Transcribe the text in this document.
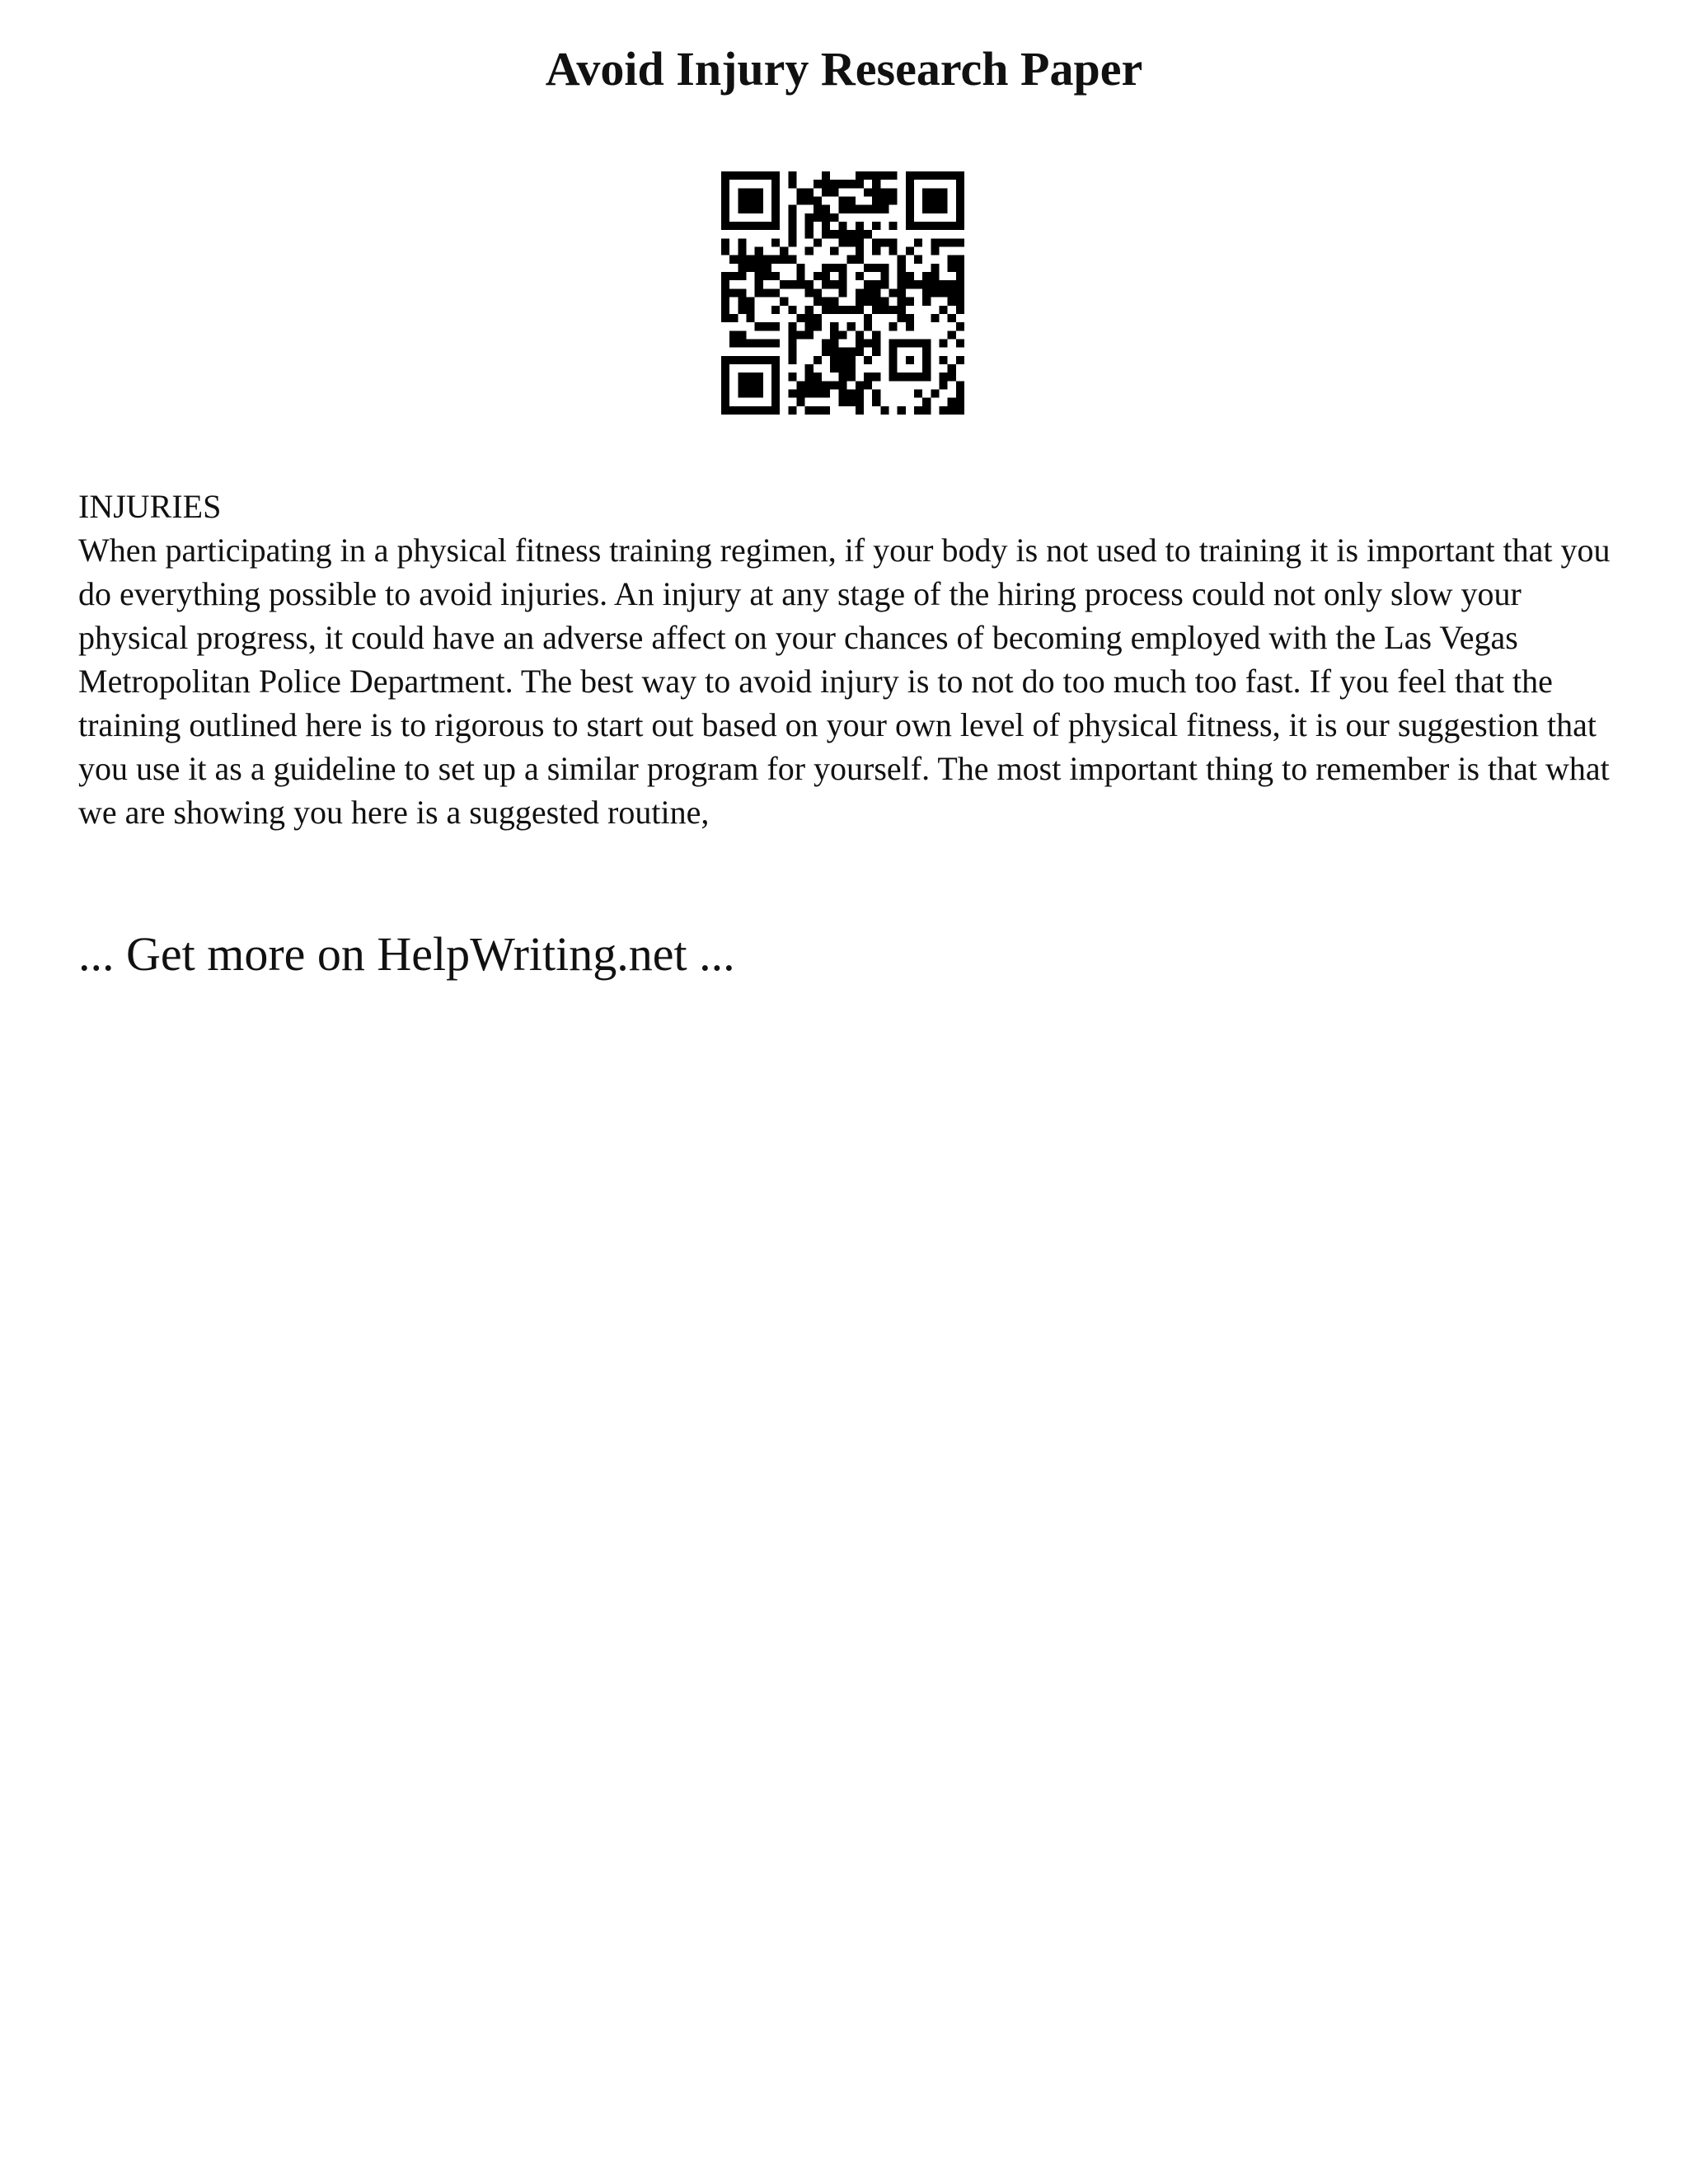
Avoid Injury Research Paper

INJURIES

When participating in a physical fitness training regimen, if your body is not used to training it is important that you do everything possible to avoid injuries. An injury at any stage of the hiring process could not only slow your physical progress, it could have an adverse affect on your chances of becoming employed with the Las Vegas Metropolitan Police Department. The best way to avoid injury is to not do too much too fast. If you feel that the training outlined here is to rigorous to start out based on your own level of physical fitness, it is our suggestion that you use it as a guideline to set up a similar program for yourself. The most important thing to remember is that what we are showing you here is a suggested routine,

... Get more on HelpWriting.net ...
